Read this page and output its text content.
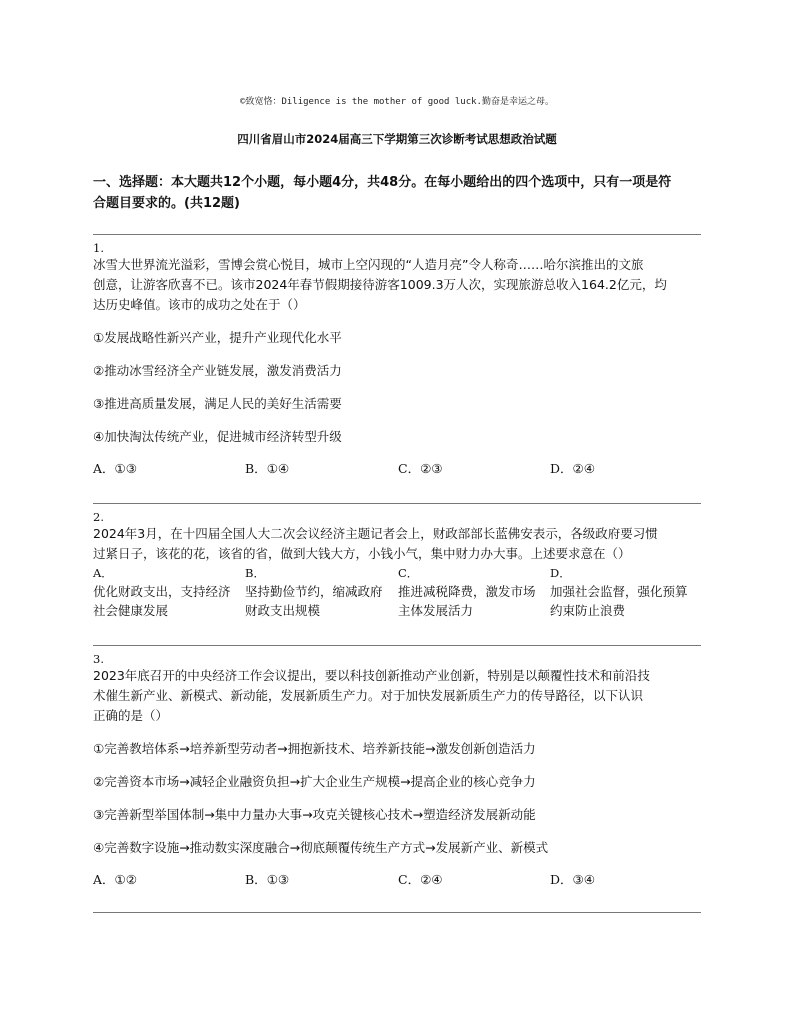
©致宽恪：Diligence is the mother of good luck.勤奋是幸运之母。
四川省眉山市2024届高三下学期第三次诊断考试思想政治试题
一、选择题：本大题共12个小题，每小题4分，共48分。在每小题给出的四个选项中，只有一项是符
合题目要求的。(共12题)
1.
冰雪大世界流光溢彩，雪博会赏心悦目，城市上空闪现的“人造月亮”令人称奇……哈尔滨推出的文旅
创意，让游客欣喜不已。该市2024年春节假期接待游客1009.3万人次，实现旅游总收入164.2亿元，均
达历史峰值。该市的成功之处在于（）
①发展战略性新兴产业，提升产业现代化水平
②推动冰雪经济全产业链发展，激发消费活力
③推进高质量发展，满足人民的美好生活需要
④加快淘汰传统产业，促进城市经济转型升级
A．①③	B．①④	C．②③	D．②④
2.
2024年3月，在十四届全国人大二次会议经济主题记者会上，财政部部长蓝佛安表示，各级政府要习惯
过紧日子，该花的花，该省的省，做到大钱大方，小钱小气，集中财力办大事。上述要求意在（）
A．
优化财政支出，支持经济
社会健康发展
B．
坚持勤俭节约，缩减政府
财政支出规模
C．
推进减税降费，激发市场
主体发展活力
D．
加强社会监督，强化预算
约束防止浪费
3.
2023年底召开的中央经济工作会议提出，要以科技创新推动产业创新，特别是以颠覆性技术和前沿技
术催生新产业、新模式、新动能，发展新质生产力。对于加快发展新质生产力的传导路径，以下认识
正确的是（）
①完善教培体系→培养新型劳动者→拥抱新技术、培养新技能→激发创新创造活力
②完善资本市场→减轻企业融资负担→扩大企业生产规模→提高企业的核心竞争力
③完善新型举国体制→集中力量办大事→攻克关键核心技术→塑造经济发展新动能
④完善数字设施→推动数实深度融合→彻底颠覆传统生产方式→发展新产业、新模式
A．①②	B．①③	C．②④	D．③④
